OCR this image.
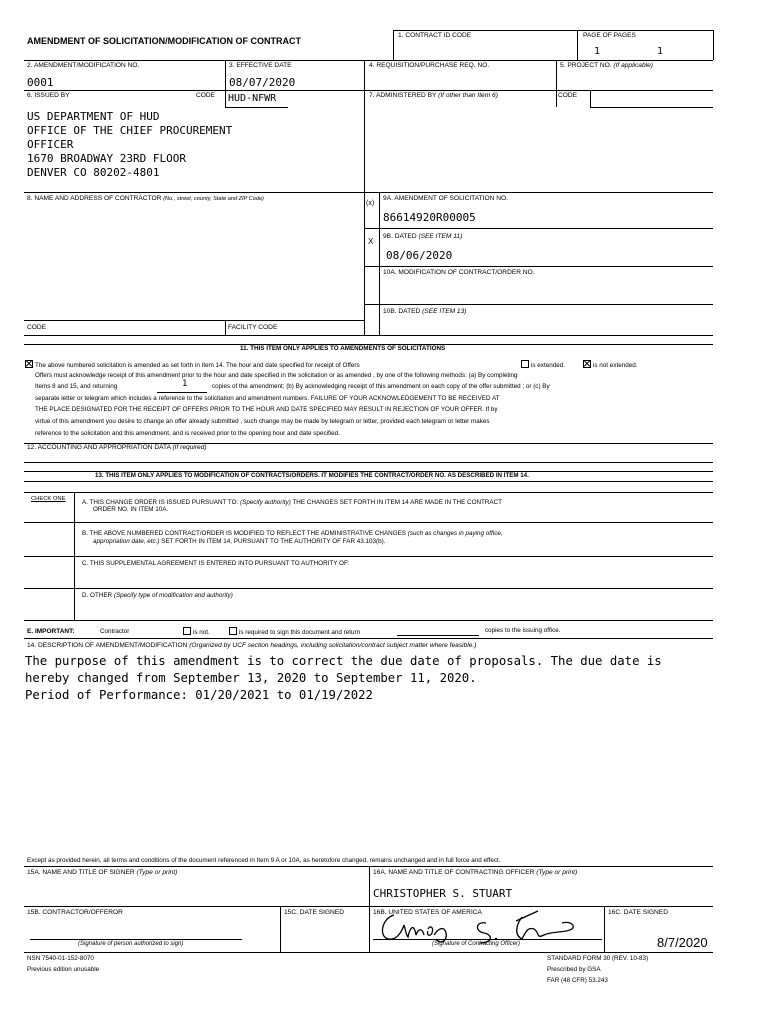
AMENDMENT OF SOLICITATION/MODIFICATION OF CONTRACT
1. CONTRACT ID CODE	PAGE OF PAGES
1	1
2. AMENDMENT/MODIFICATION NO.
0001
3. EFFECTIVE DATE
08/07/2020
4. REQUISITION/PURCHASE REQ. NO.	5. PROJECT NO. (If applicable)
6. ISSUED BY	CODE HUD-NFWR	7. ADMINISTERED BY (If other than Item 6)	CODE
US DEPARTMENT OF HUD
OFFICE OF THE CHIEF PROCUREMENT
OFFICER
1670 BROADWAY 23RD FLOOR
DENVER CO 80202-4801
8. NAME AND ADDRESS OF CONTRACTOR (No., street, county, State and ZIP Code)
(x)
9A. AMENDMENT OF SOLICITATION NO.
86614920R00005
X
9B. DATED (SEE ITEM 11)
08/06/2020
10A. MODIFICATION OF CONTRACT/ORDER NO.
10B. DATED (SEE ITEM 13)
CODE	FACILITY CODE
11. THIS ITEM ONLY APPLIES TO AMENDMENTS OF SOLICITATIONS
The above numbered solicitation is amended as set forth in Item 14. The hour and date specified for receipt of Offers	is extended.	is not extended.
Offers must acknowledge receipt of this amendment prior to the hour and date specified in the solicitation or as amended , by one of the following methods: (a) By completing
Items 8 and 15, and returning	1	copies of the amendment; (b) By acknowledging receipt of this amendment on each copy of the offer submitted ; or (c) By
separate letter or telegram which includes a reference to the solicitation and amendment numbers. FAILURE OF YOUR ACKNOWLEDGEMENT TO BE RECEIVED AT
THE PLACE DESIGNATED FOR THE RECEIPT OF OFFERS PRIOR TO THE HOUR AND DATE SPECIFIED MAY RESULT IN REJECTION OF YOUR OFFER. If by
virtue of this amendment you desire to change an offer already submitted , such change may be made by telegram or letter, provided each telegram or letter makes
reference to the solicitation and this amendment, and is received prior to the opening hour and date specified.
12. ACCOUNTING AND APPROPRIATION DATA (If required)
13. THIS ITEM ONLY APPLIES TO MODIFICATION OF CONTRACTS/ORDERS. IT MODIFIES THE CONTRACT/ORDER NO. AS DESCRIBED IN ITEM 14.
CHECK ONE	A. THIS CHANGE ORDER IS ISSUED PURSUANT TO: (Specify authority) THE CHANGES SET FORTH IN ITEM 14 ARE MADE IN THE CONTRACT
ORDER NO. IN ITEM 10A.
B. THE ABOVE NUMBERED CONTRACT/ORDER IS MODIFIED TO REFLECT THE ADMINISTRATIVE CHANGES (such as changes in paying office,
appropriation date, etc.) SET FORTH IN ITEM 14, PURSUANT TO THE AUTHORITY OF FAR 43.103(b).
C. THIS SUPPLEMENTAL AGREEMENT IS ENTERED INTO PURSUANT TO AUTHORITY OF:
D. OTHER (Specify type of modification and authority)
E. IMPORTANT:	Contractor	is not.	is required to sign this document and return	copies to the issuing office.
14. DESCRIPTION OF AMENDMENT/MODIFICATION (Organized by UCF section headings, including solicitation/contract subject matter where feasible.)
The purpose of this amendment is to correct the due date of proposals. The due date is
hereby changed from September 13, 2020 to September 11, 2020.
Period of Performance: 01/20/2021 to 01/19/2022
Except as provided herein, all terms and conditions of the document referenced in Item 9 A or 10A, as heretofore changed, remains unchanged and in full force and effect.
15A. NAME AND TITLE OF SIGNER (Type or print)	16A. NAME AND TITLE OF CONTRACTING OFFICER (Type or print)
CHRISTOPHER S. STUART
15B. CONTRACTOR/OFFEROR	15C. DATE SIGNED	16B. UNITED STATES OF AMERICA	16C. DATE SIGNED
(Signature of person authorized to sign)	(Signature of Contracting Officer)	8/7/2020
NSN 7540-01-152-8070
Previous edition unusable
STANDARD FORM 30 (REV. 10-83)
Prescribed by GSA
FAR (48 CFR) 53.243
